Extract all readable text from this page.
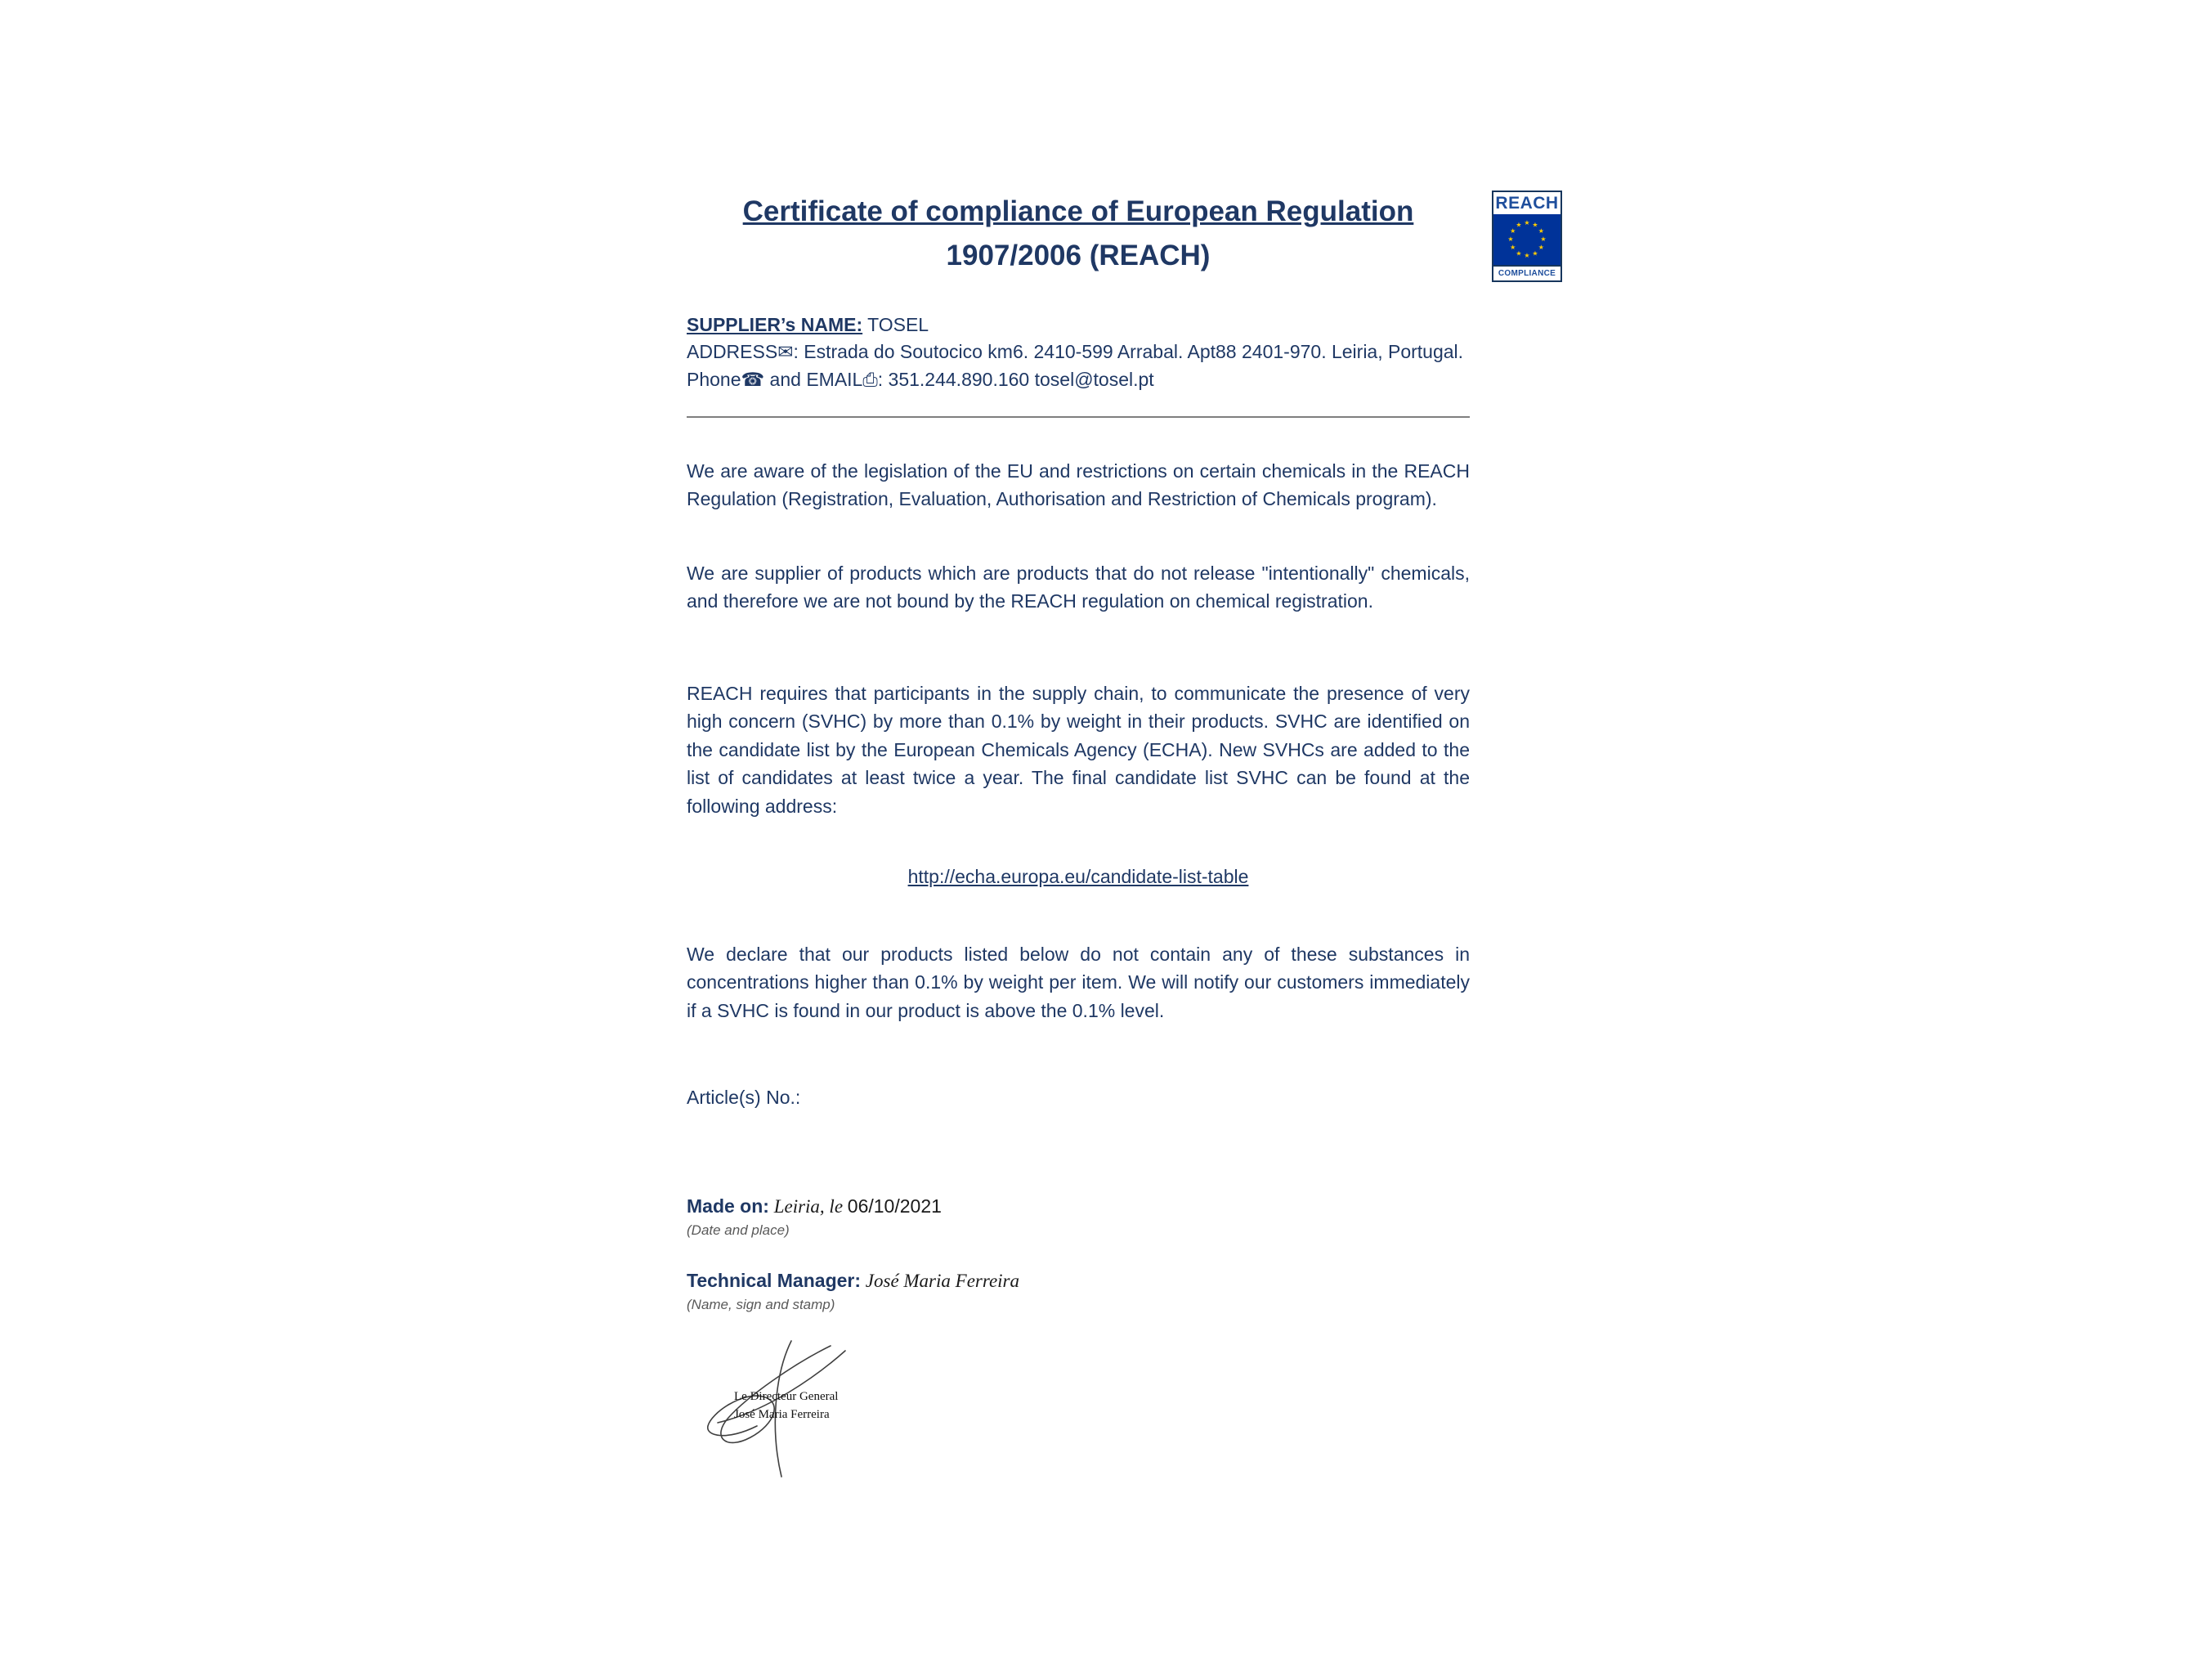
REACH
★ ★
★
★
★
★
★
★
★
★
★
★
COMPLIANCE
Certificate of compliance of European Regulation
1907/2006 (REACH)
SUPPLIER’s NAME: TOSEL
ADDRESS✉: Estrada do Soutocico km6. 2410-599 Arrabal. Apt88 2401-970. Leiria, Portugal.
Phone☎ and EMAIL⎙: 351.244.890.160 tosel@tosel.pt

We are aware of the legislation of the EU and restrictions on certain chemicals in the REACH Regulation (Registration, Evaluation, Authorisation and Restriction of Chemicals program).

We are supplier of products which are products that do not release "intentionally" chemicals, and therefore we are not bound by the REACH regulation on chemical registration.

REACH requires that participants in the supply chain, to communicate the presence of very high concern (SVHC) by more than 0.1% by weight in their products. SVHC are identified on the candidate list by the European Chemicals Agency (ECHA). New SVHCs are added to the list of candidates at least twice a year. The final candidate list SVHC can be found at the following address:

http://echa.europa.eu/candidate-list-table

We declare that our products listed below do not contain any of these substances in concentrations higher than 0.1% by weight per item. We will notify our customers immediately if a SVHC is found in our product is above the 0.1% level.

Article(s) No.:

Made on: Leiria, le 06/10/2021
(Date and place)
Technical Manager: José Maria Ferreira
(Name, sign and stamp)
Le Directeur General
José Maria Ferreira
